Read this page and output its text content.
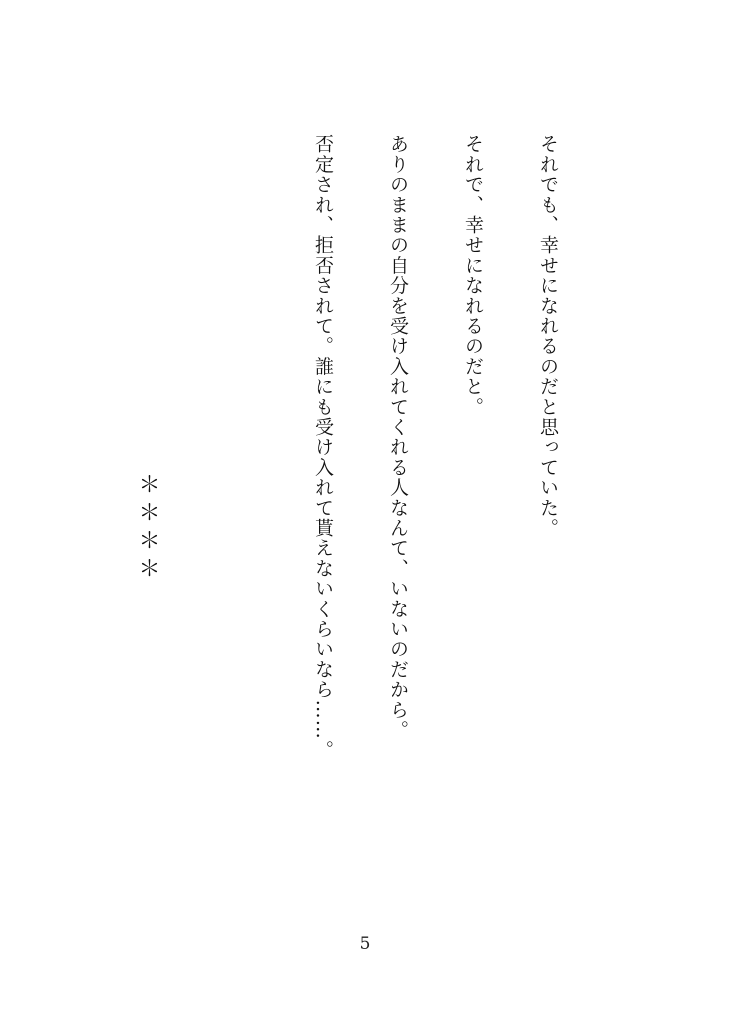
それでも、幸せになれるのだと思っていた。

それで、幸せになれるのだと。

ありのままの自分を受け入れてくれる人なんて、いないのだから。

否定され、拒否されて。誰にも受け入れて貰えないくらいなら……。

＊＊＊＊

5
